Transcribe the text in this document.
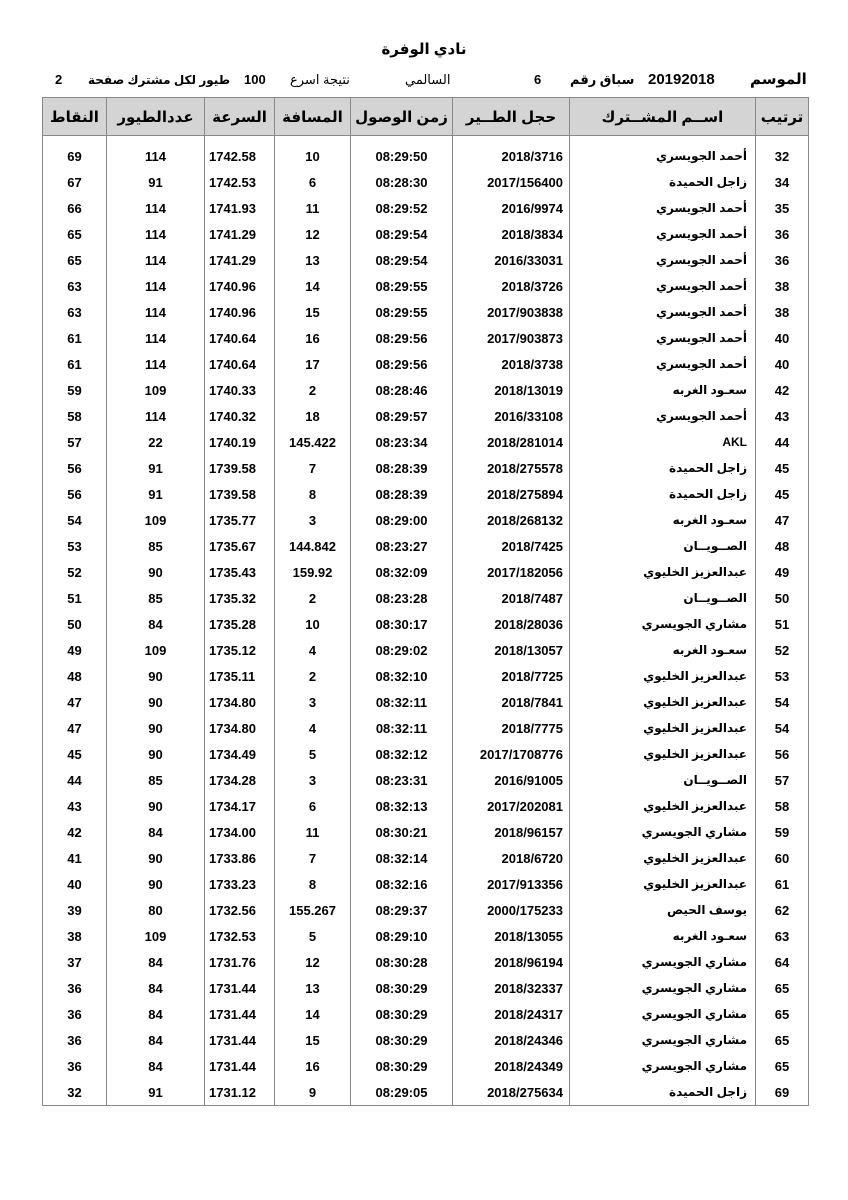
نادي الوفرة
الموسم
20192018
سباق رقم
6
السالمي
نتيجة اسرع
100
طيور لكل مشترك صفحة
2
النقاط	عددالطيور	السرعة	المسافة	زمن الوصول	حجل الطــير	اســم المشــترك	ترتيب

69	114	1742.58	10	08:29:50	2018/3716	أحمد الجويسري	32
67	91	1742.53	6	08:28:30	2017/156400	زاجل الحميدة	34
66	114	1741.93	11	08:29:52	2016/9974	أحمد الجويسري	35
65	114	1741.29	12	08:29:54	2018/3834	أحمد الجويسري	36
65	114	1741.29	13	08:29:54	2016/33031	أحمد الجويسري	36
63	114	1740.96	14	08:29:55	2018/3726	أحمد الجويسري	38
63	114	1740.96	15	08:29:55	2017/903838	أحمد الجويسري	38
61	114	1740.64	16	08:29:56	2017/903873	أحمد الجويسري	40
61	114	1740.64	17	08:29:56	2018/3738	أحمد الجويسري	40
59	109	1740.33	2	08:28:46	2018/13019	سعـود الغربه	42
58	114	1740.32	18	08:29:57	2016/33108	أحمد الجويسري	43
57	22	1740.19	145.422	08:23:34	2018/281014	AKL	44
56	91	1739.58	7	08:28:39	2018/275578	زاجل الحميدة	45
56	91	1739.58	8	08:28:39	2018/275894	زاجل الحميدة	45
54	109	1735.77	3	08:29:00	2018/268132	سعـود الغربه	47
53	85	1735.67	144.842	08:23:27	2018/7425	الصــويــان	48
52	90	1735.43	159.92	08:32:09	2017/182056	عبدالعزيز الخليوي	49
51	85	1735.32	2	08:23:28	2018/7487	الصــويــان	50
50	84	1735.28	10	08:30:17	2018/28036	مشاري الجويسري	51
49	109	1735.12	4	08:29:02	2018/13057	سعـود الغربه	52
48	90	1735.11	2	08:32:10	2018/7725	عبدالعزيز الخليوي	53
47	90	1734.80	3	08:32:11	2018/7841	عبدالعزيز الخليوي	54
47	90	1734.80	4	08:32:11	2018/7775	عبدالعزيز الخليوي	54
45	90	1734.49	5	08:32:12	2017/1708776	عبدالعزيز الخليوي	56
44	85	1734.28	3	08:23:31	2016/91005	الصــويــان	57
43	90	1734.17	6	08:32:13	2017/202081	عبدالعزيز الخليوي	58
42	84	1734.00	11	08:30:21	2018/96157	مشاري الجويسري	59
41	90	1733.86	7	08:32:14	2018/6720	عبدالعزيز الخليوي	60
40	90	1733.23	8	08:32:16	2017/913356	عبدالعزيز الخليوي	61
39	80	1732.56	155.267	08:29:37	2000/175233	يوسف الحيص	62
38	109	1732.53	5	08:29:10	2018/13055	سعـود الغربه	63
37	84	1731.76	12	08:30:28	2018/96194	مشاري الجويسري	64
36	84	1731.44	13	08:30:29	2018/32337	مشاري الجويسري	65
36	84	1731.44	14	08:30:29	2018/24317	مشاري الجويسري	65
36	84	1731.44	15	08:30:29	2018/24346	مشاري الجويسري	65
36	84	1731.44	16	08:30:29	2018/24349	مشاري الجويسري	65
32	91	1731.12	9	08:29:05	2018/275634	زاجل الحميدة	69
